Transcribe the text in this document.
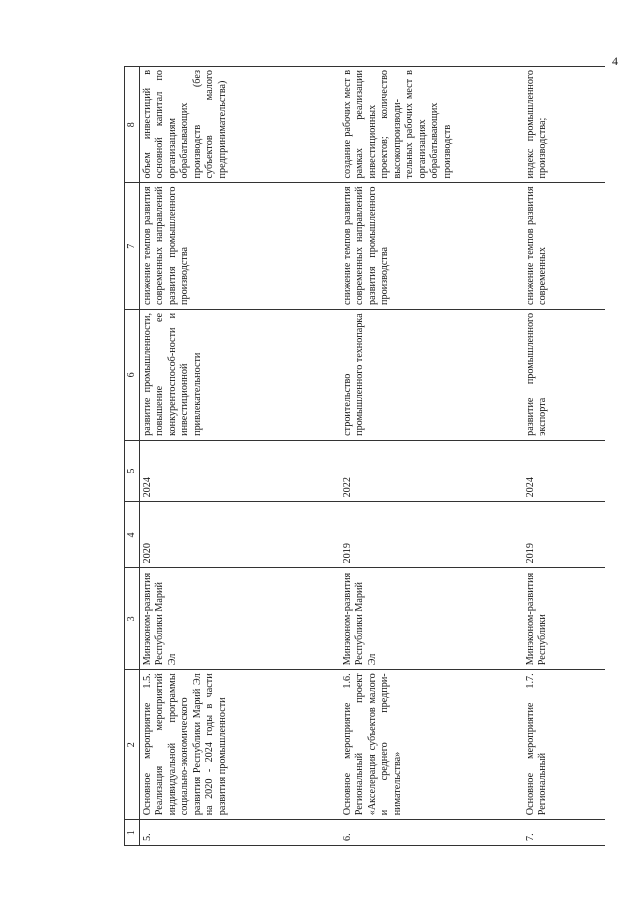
4
1	2	3	4	5	6	7	8
5.	Основное мероприятие 1.5. Реализация мероприятий индивидуальной программы социально-экономического развития Республики Марий Эл на 2020 - 2024 годы в части развития промышленности	Минэконом-развития Республики Марий Эл	2020	2024	развитие промышленности, повышение ее конкурентоспособ-ности и инвестиционной привлекательности	снижение темпов развития современных направлений развития промышленного производства	объем инвестиций в основной капитал по организациям обрабатывающих производств (без субъектов малого предпринимательства)
6.	Основное мероприятие 1.6. Региональный проект «Акселерация субъектов малого и среднего предпри-нимательства»	Минэконом-развития Республики Марий Эл	2019	2022	строительство промышленного технопарка	снижение темпов развития современных направлений развития промышленного производства	создание рабочих мест в рамках реализации инвестиционных проектов; количество высокопроизводи-тельных рабочих мест в организациях обрабатывающих производств
7.	Основное мероприятие 1.7. Региональный	Минэконом-развития Республики	2019	2024	развитие промышленного экспорта	снижение темпов развития современных	индекс промышленного производства;
